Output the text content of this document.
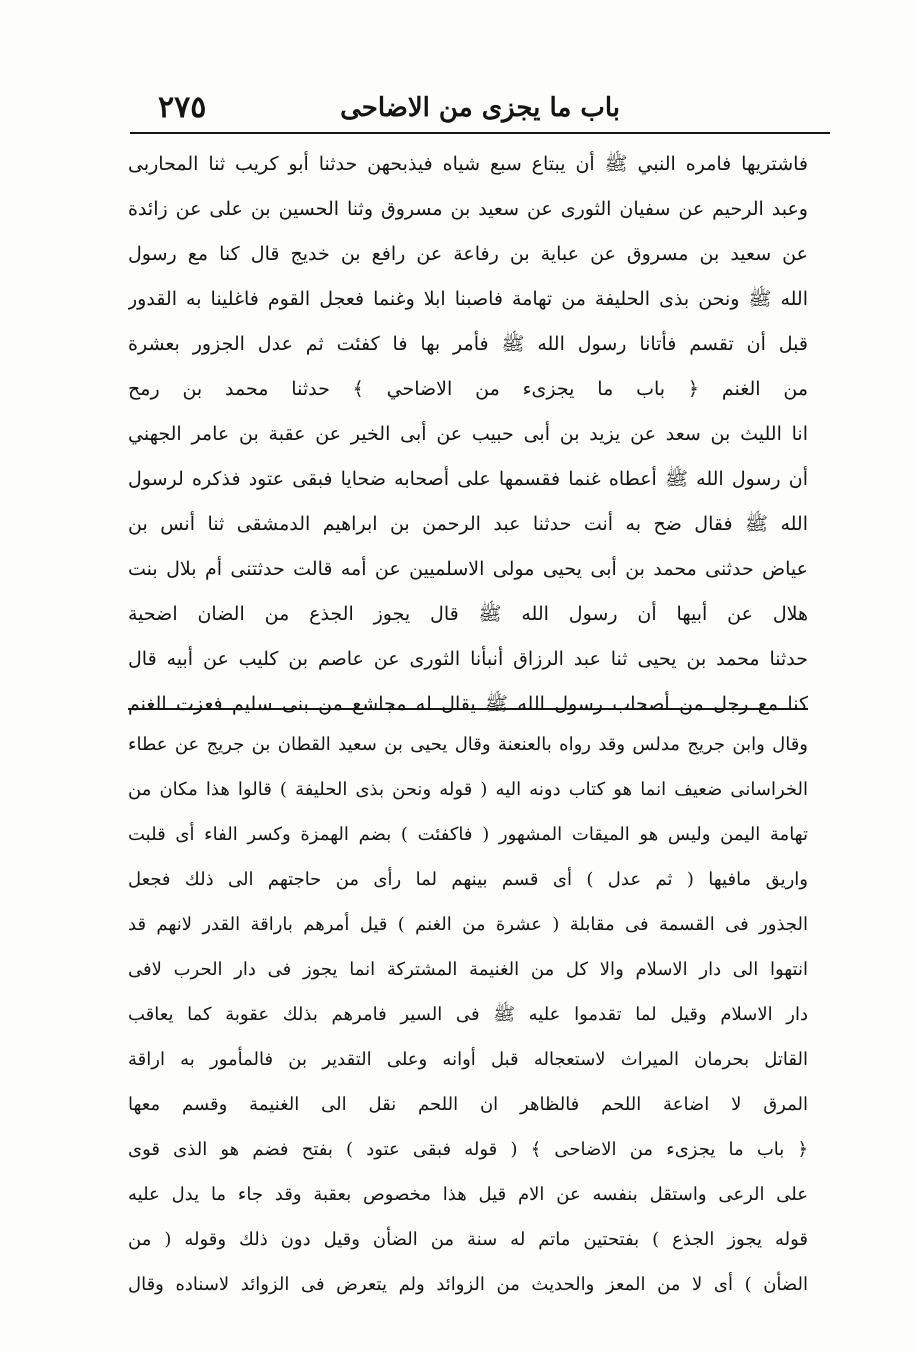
باب ما يجزى من الاضاحى
٢٧٥
فاشتريها فامره النبي ﷺ أن يبتاع سبع شياه فيذبحهن حدثنا أبو كريب ثنا المحاربى
وعبد الرحيم عن سفيان الثورى عن سعيد بن مسروق وثنا الحسين بن على عن زائدة
عن سعيد بن مسروق عن عباية بن رفاعة عن رافع بن خديج قال كنا مع رسول
الله ﷺ ونحن بذى الحليفة من تهامة فاصبنا ابلا وغنما فعجل القوم فاغلينا به القدور
قبل أن تقسم فأتانا رسول الله ﷺ فأمر بها فا كفئت ثم عدل الجزور بعشرة
من الغنم ﴿ باب ما يجزىء من الاضاحي ﴾ حدثنا محمد بن رمح
انا الليث بن سعد عن يزيد بن أبى حبيب عن أبى الخير عن عقبة بن عامر الجهني
أن رسول الله ﷺ أعطاه غنما فقسمها على أصحابه ضحايا فبقى عتود فذكره لرسول
الله ﷺ فقال ضح به أنت حدثنا عبد الرحمن بن ابراهيم الدمشقى ثنا أنس بن
عياض حدثنى محمد بن أبى يحيى مولى الاسلميين عن أمه قالت حدثتنى أم بلال بنت
هلال عن أبيها أن رسول الله ﷺ قال يجوز الجذع من الضان اضحية
حدثنا محمد بن يحيى ثنا عبد الرزاق أنبأنا الثورى عن عاصم بن كليب عن أبيه قال
كنا مع رجل من أصحاب رسول الله ﷺ يقال له مجاشع من بنى سليم فعزت الغنم
وقال وابن جريج مدلس وقد رواه بالعنعنة وقال يحيى بن سعيد القطان بن جريج عن عطاء
الخراسانى ضعيف انما هو كتاب دونه اليه ( قوله ونحن بذى الحليفة ) قالوا هذا مكان من
تهامة اليمن وليس هو الميقات المشهور ( فاكفئت ) بضم الهمزة وكسر الفاء أى قلبت
واريق مافيها ( ثم عدل ) أى قسم بينهم لما رأى من حاجتهم الى ذلك فجعل
الجذور فى القسمة فى مقابلة ( عشرة من الغنم ) قيل أمرهم باراقة القدر لانهم قد
انتهوا الى دار الاسلام والا كل من الغنيمة المشتركة انما يجوز فى دار الحرب لافى
دار الاسلام وقيل لما تقدموا عليه ﷺ فى السير فامرهم بذلك عقوبة كما يعاقب
القاتل بحرمان الميراث لاستعجاله قبل أوانه وعلى التقدير بن فالمأمور به اراقة
المرق لا اضاعة اللحم فالظاهر ان اللحم نقل الى الغنيمة وقسم معها
﴿ باب ما يجزىء من الاضاحى ﴾ ( قوله فبقى عتود ) بفتح فضم هو الذى قوى
على الرعى واستقل بنفسه عن الام قيل هذا مخصوص بعقبة وقد جاء ما يدل عليه
قوله يجوز الجذع ) بفتحتين ماتم له سنة من الضأن وقيل دون ذلك وقوله ( من
الضأن ) أى لا من المعز والحديث من الزوائد ولم يتعرض فى الزوائد لاسناده وقال
